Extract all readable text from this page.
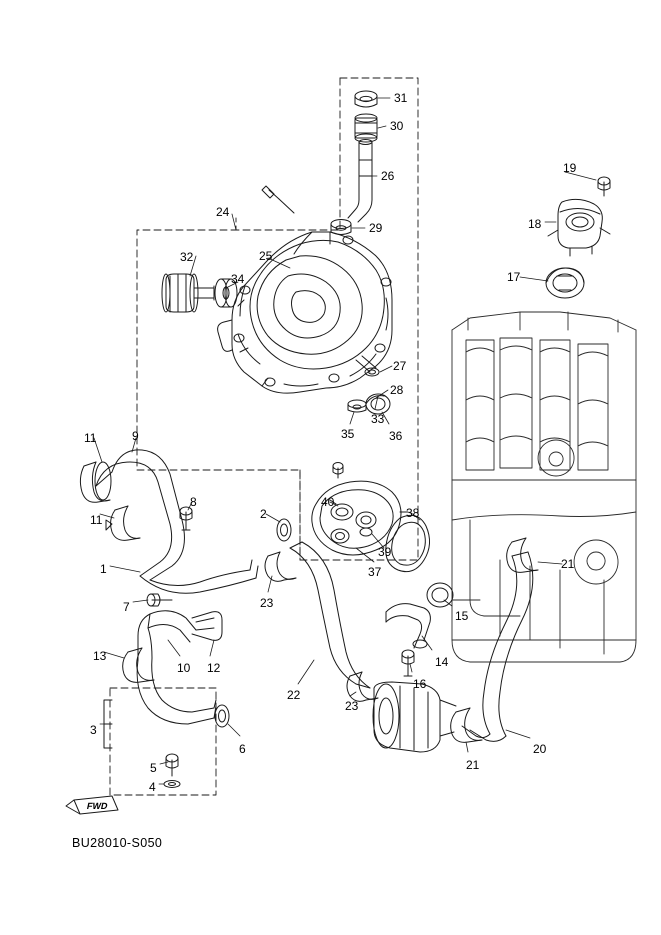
FWD
BU28010-S050
31
30
26
19
18
24
29
17
32	25
34
27
28
35
33
36
11	9
11
8
2
40
38
39
37
21
1
23
7
15
13
10 12	14
16
22
23
20
3
6
21
5
4
